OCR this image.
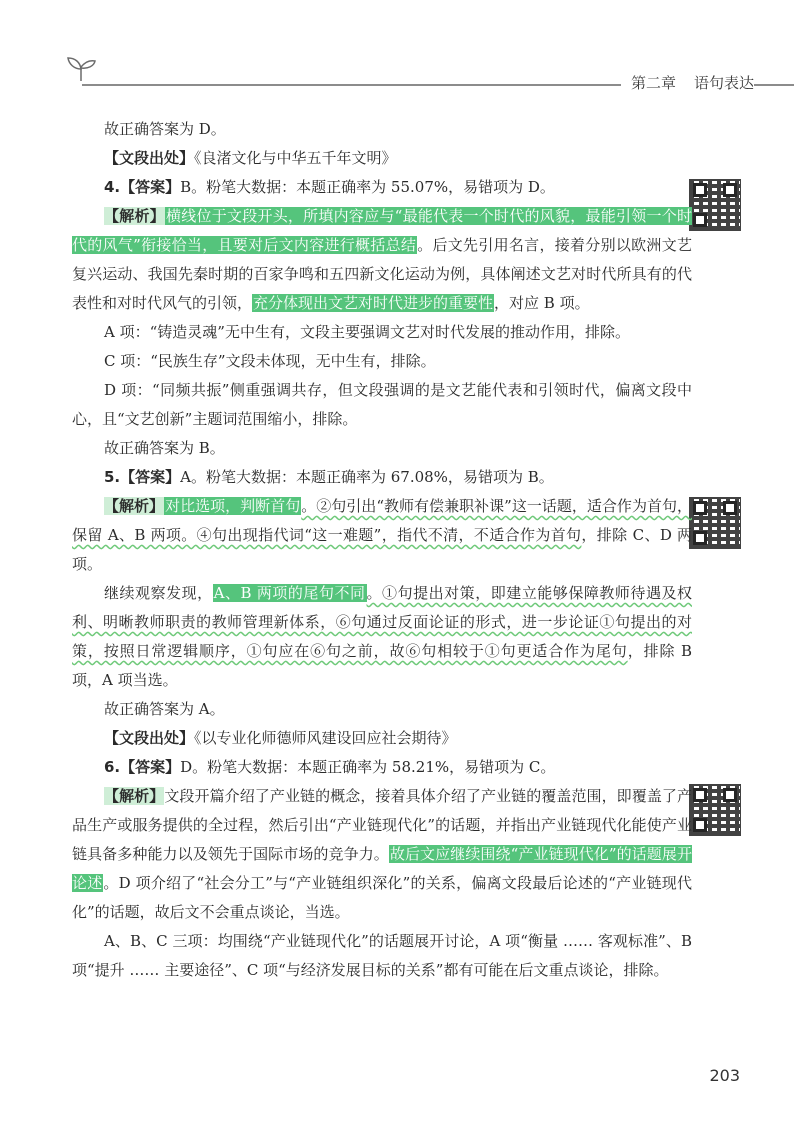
第二章 语句表达

故正确答案为 D。

【文段出处】《良渚文化与中华五千年文明》

4.【答案】B。粉笔大数据：本题正确率为 55.07%，易错项为 D。

【解析】横线位于文段开头，所填内容应与“最能代表一个时代的风貌，最能引领一个时代的风气”衔接恰当，且要对后文内容进行概括总结。后文先引用名言，接着分别以欧洲文艺复兴运动、我国先秦时期的百家争鸣和五四新文化运动为例，具体阐述文艺对时代所具有的代表性和对时代风气的引领，充分体现出文艺对时代进步的重要性，对应 B 项。

A 项：“铸造灵魂”无中生有，文段主要强调文艺对时代发展的推动作用，排除。

C 项：“民族生存”文段未体现，无中生有，排除。

D 项：“同频共振”侧重强调共存，但文段强调的是文艺能代表和引领时代，偏离文段中心，且“文艺创新”主题词范围缩小，排除。

故正确答案为 B。

5.【答案】A。粉笔大数据：本题正确率为 67.08%，易错项为 B。

【解析】对比选项，判断首句。②句引出“教师有偿兼职补课”这一话题，适合作为首句，保留 A、B 两项。④句出现指代词“这一难题”，指代不清，不适合作为首句，排除 C、D 两项。

继续观察发现，A、B 两项的尾句不同。①句提出对策，即建立能够保障教师待遇及权利、明晰教师职责的教师管理新体系，⑥句通过反面论证的形式，进一步论证①句提出的对策，按照日常逻辑顺序，①句应在⑥句之前，故⑥句相较于①句更适合作为尾句，排除 B 项，A 项当选。

故正确答案为 A。

【文段出处】《以专业化师德师风建设回应社会期待》

6.【答案】D。粉笔大数据：本题正确率为 58.21%，易错项为 C。

【解析】文段开篇介绍了产业链的概念，接着具体介绍了产业链的覆盖范围，即覆盖了产品生产或服务提供的全过程，然后引出“产业链现代化”的话题，并指出产业链现代化能使产业链具备多种能力以及领先于国际市场的竞争力。故后文应继续围绕“产业链现代化”的话题展开论述。D 项介绍了“社会分工”与“产业链组织深化”的关系，偏离文段最后论述的“产业链现代化”的话题，故后文不会重点谈论，当选。

A、B、C 三项：均围绕“产业链现代化”的话题展开讨论，A 项“衡量 …… 客观标准”、B 项“提升 …… 主要途径”、C 项“与经济发展目标的关系”都有可能在后文重点谈论，排除。

203
